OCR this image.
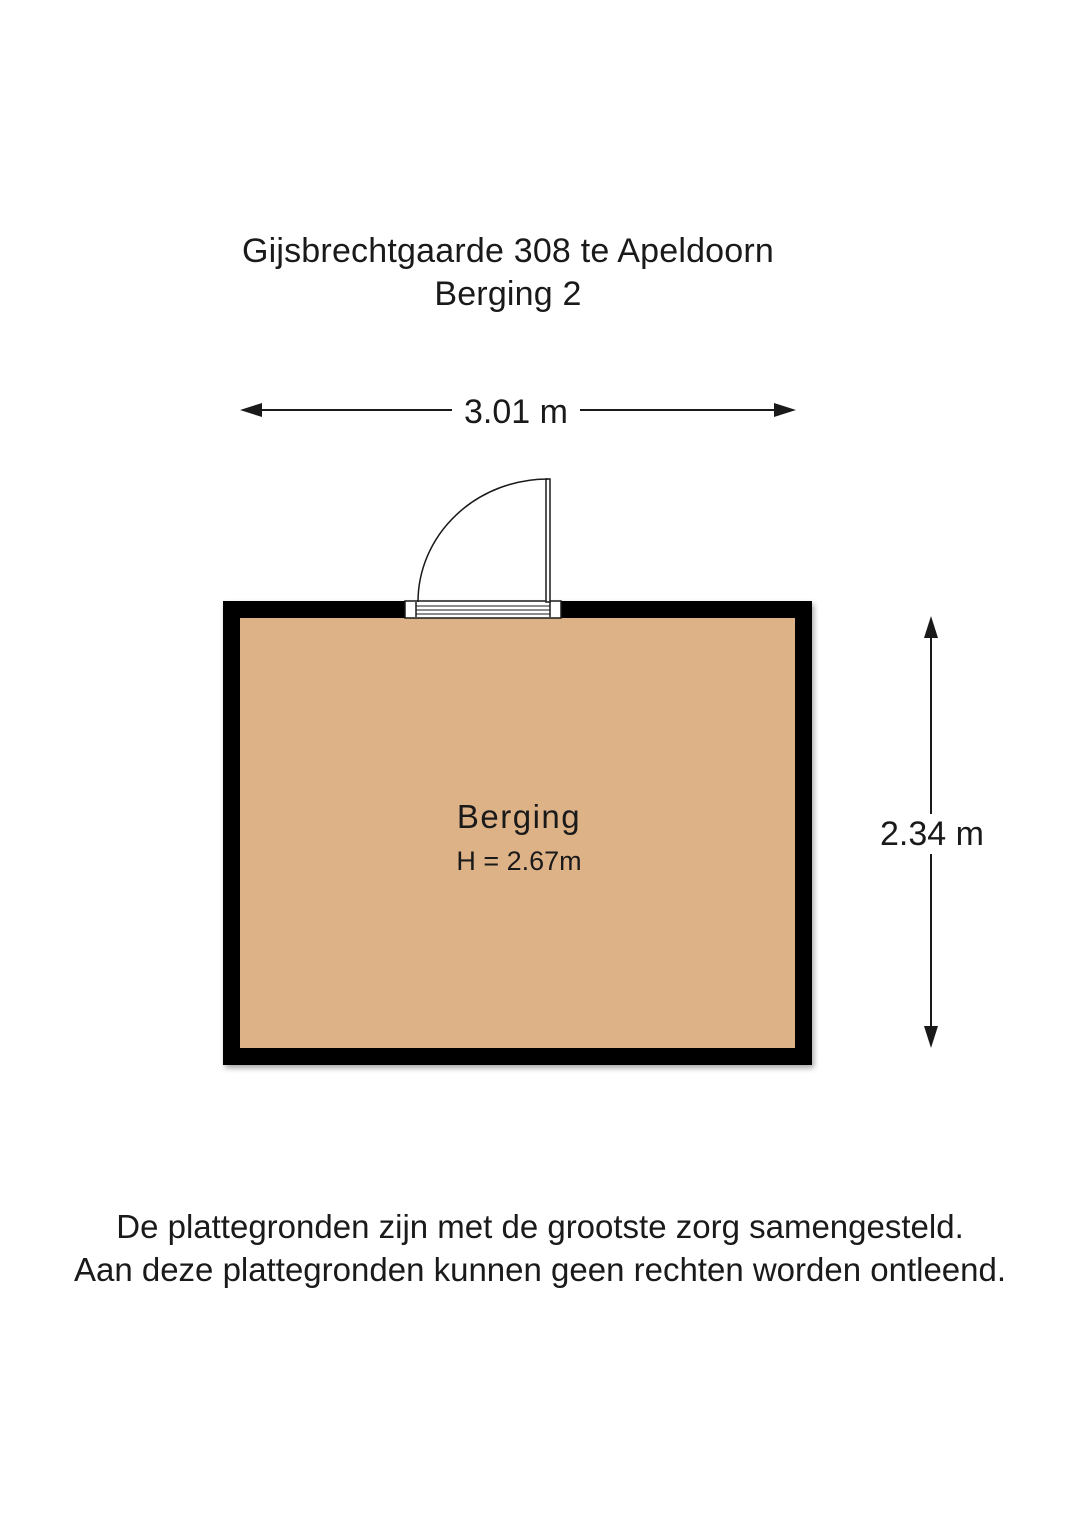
Gijsbrechtgaarde 308 te Apeldoorn
Berging 2
3.01 m
2.34 m
Berging
H = 2.67m
De plattegronden zijn met de grootste zorg samengesteld.
Aan deze plattegronden kunnen geen rechten worden ontleend.
